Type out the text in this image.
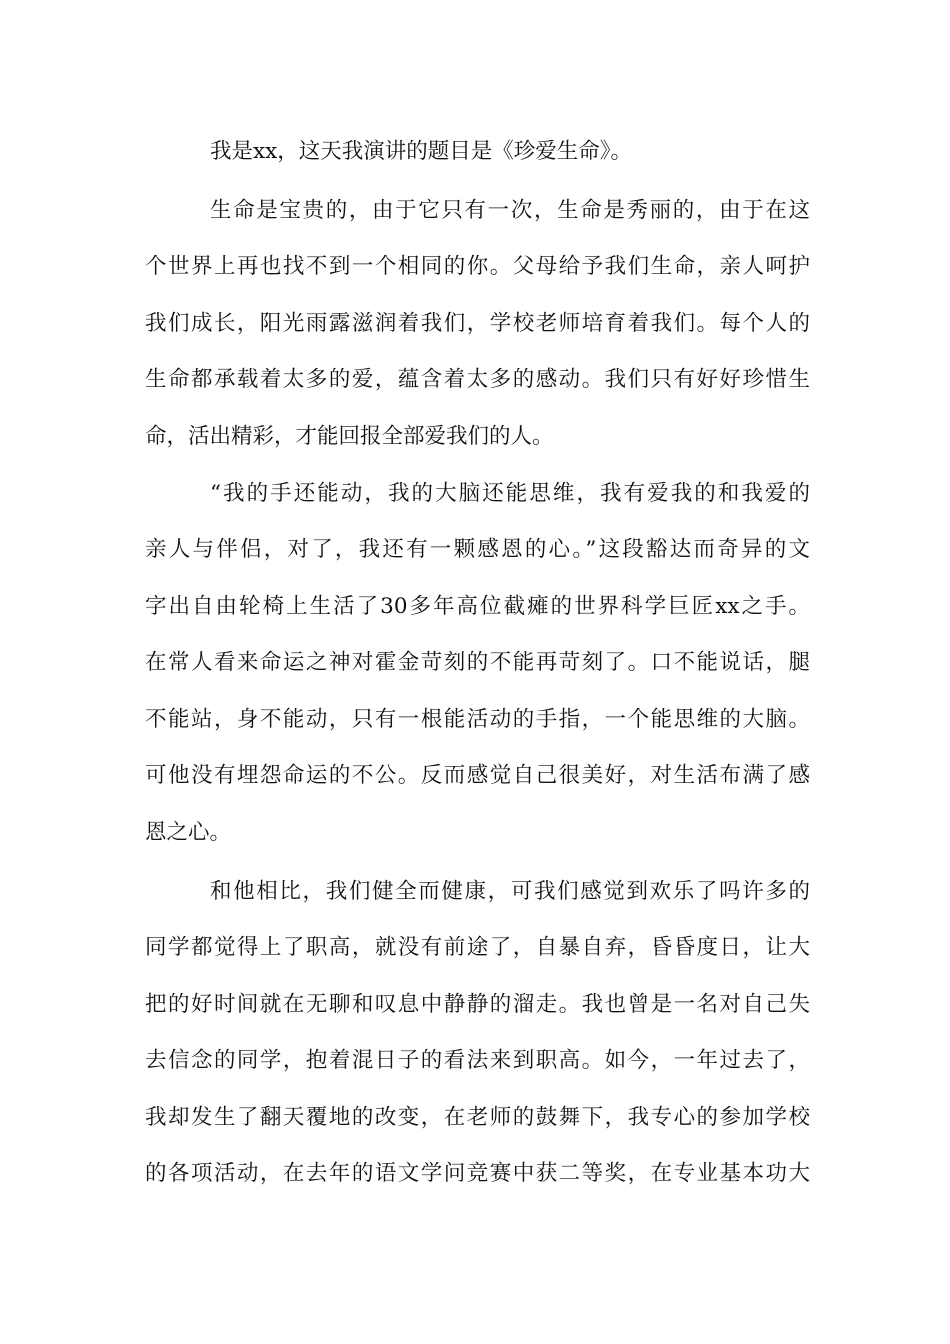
我是xx，这天我演讲的题目是《珍爱生命》。
生命是宝贵的，由于它只有一次，生命是秀丽的，由于在这
个世界上再也找不到一个相同的你。父母给予我们生命，亲人呵护
我们成长，阳光雨露滋润着我们，学校老师培育着我们。每个人的
生命都承载着太多的爱，蕴含着太多的感动。我们只有好好珍惜生
命，活出精彩，才能回报全部爱我们的人。
“我的手还能动，我的大脑还能思维，我有爱我的和我爱的
亲人与伴侣，对了，我还有一颗感恩的心。”这段豁达而奇异的文
字出自由轮椅上生活了30多年高位截瘫的世界科学巨匠xx之手。
在常人看来命运之神对霍金苛刻的不能再苛刻了。口不能说话，腿
不能站，身不能动，只有一根能活动的手指，一个能思维的大脑。
可他没有埋怨命运的不公。反而感觉自己很美好，对生活布满了感
恩之心。
和他相比，我们健全而健康，可我们感觉到欢乐了吗许多的
同学都觉得上了职高，就没有前途了，自暴自弃，昏昏度日，让大
把的好时间就在无聊和叹息中静静的溜走。我也曾是一名对自己失
去信念的同学，抱着混日子的看法来到职高。如今，一年过去了，
我却发生了翻天覆地的改变，在老师的鼓舞下，我专心的参加学校
的各项活动，在去年的语文学问竞赛中获二等奖，在专业基本功大
